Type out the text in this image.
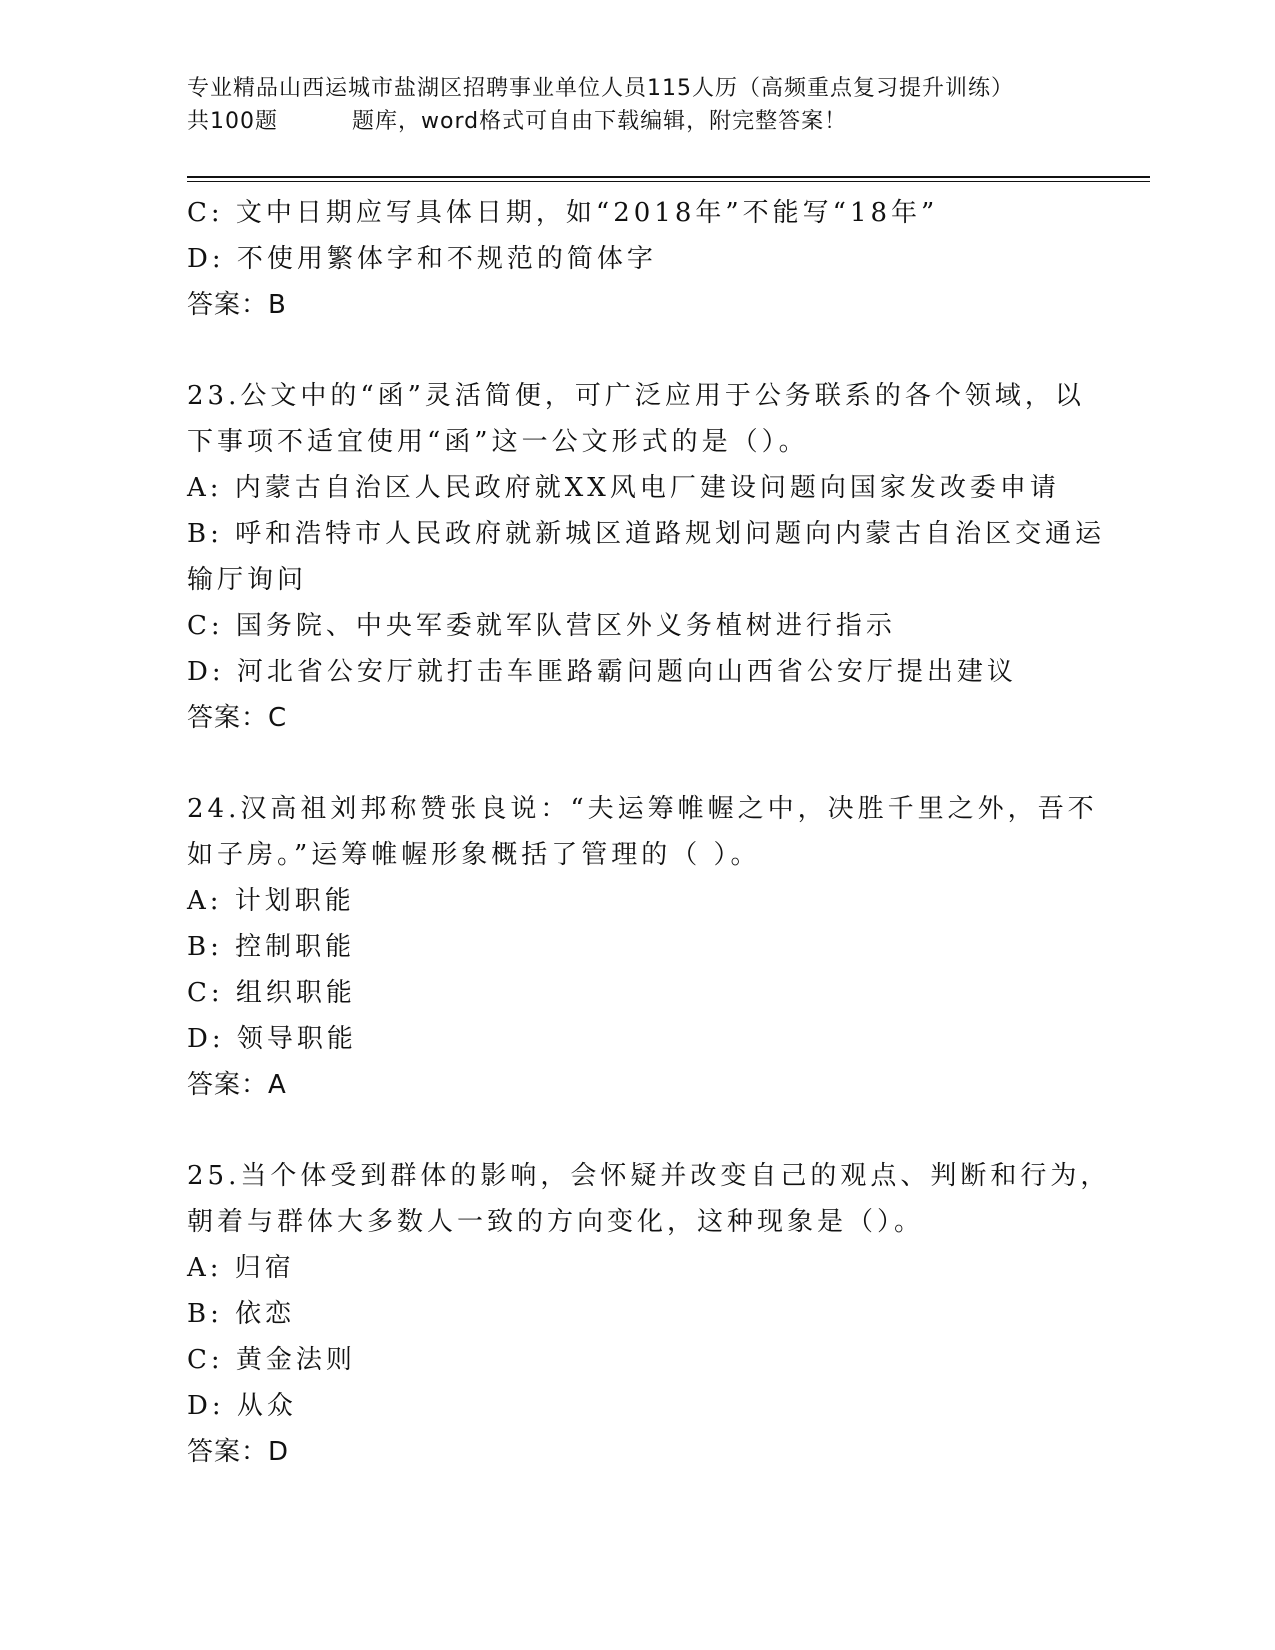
专业精品山西运城市盐湖区招聘事业单位人员115人历（高频重点复习提升训练）
共100题	题库，word格式可自由下载编辑，附完整答案！
C: 文中日期应写具体日期，如“2018年”不能写“18年”
D: 不使用繁体字和不规范的简体字
答案：B
23.公文中的“函”灵活简便，可广泛应用于公务联系的各个领域，以
下事项不适宜使用“函”这一公文形式的是（）。
A: 内蒙古自治区人民政府就XX风电厂建设问题向国家发改委申请
B: 呼和浩特市人民政府就新城区道路规划问题向内蒙古自治区交通运
输厅询问
C: 国务院、中央军委就军队营区外义务植树进行指示
D: 河北省公安厅就打击车匪路霸问题向山西省公安厅提出建议
答案：C
24.汉高祖刘邦称赞张良说：“夫运筹帷幄之中，决胜千里之外，吾不
如子房。”运筹帷幄形象概括了管理的（ ）。
A: 计划职能
B: 控制职能
C: 组织职能
D: 领导职能
答案：A
25.当个体受到群体的影响，会怀疑并改变自己的观点、判断和行为，
朝着与群体大多数人一致的方向变化，这种现象是（）。
A: 归宿
B: 依恋
C: 黄金法则
D: 从众
答案：D
